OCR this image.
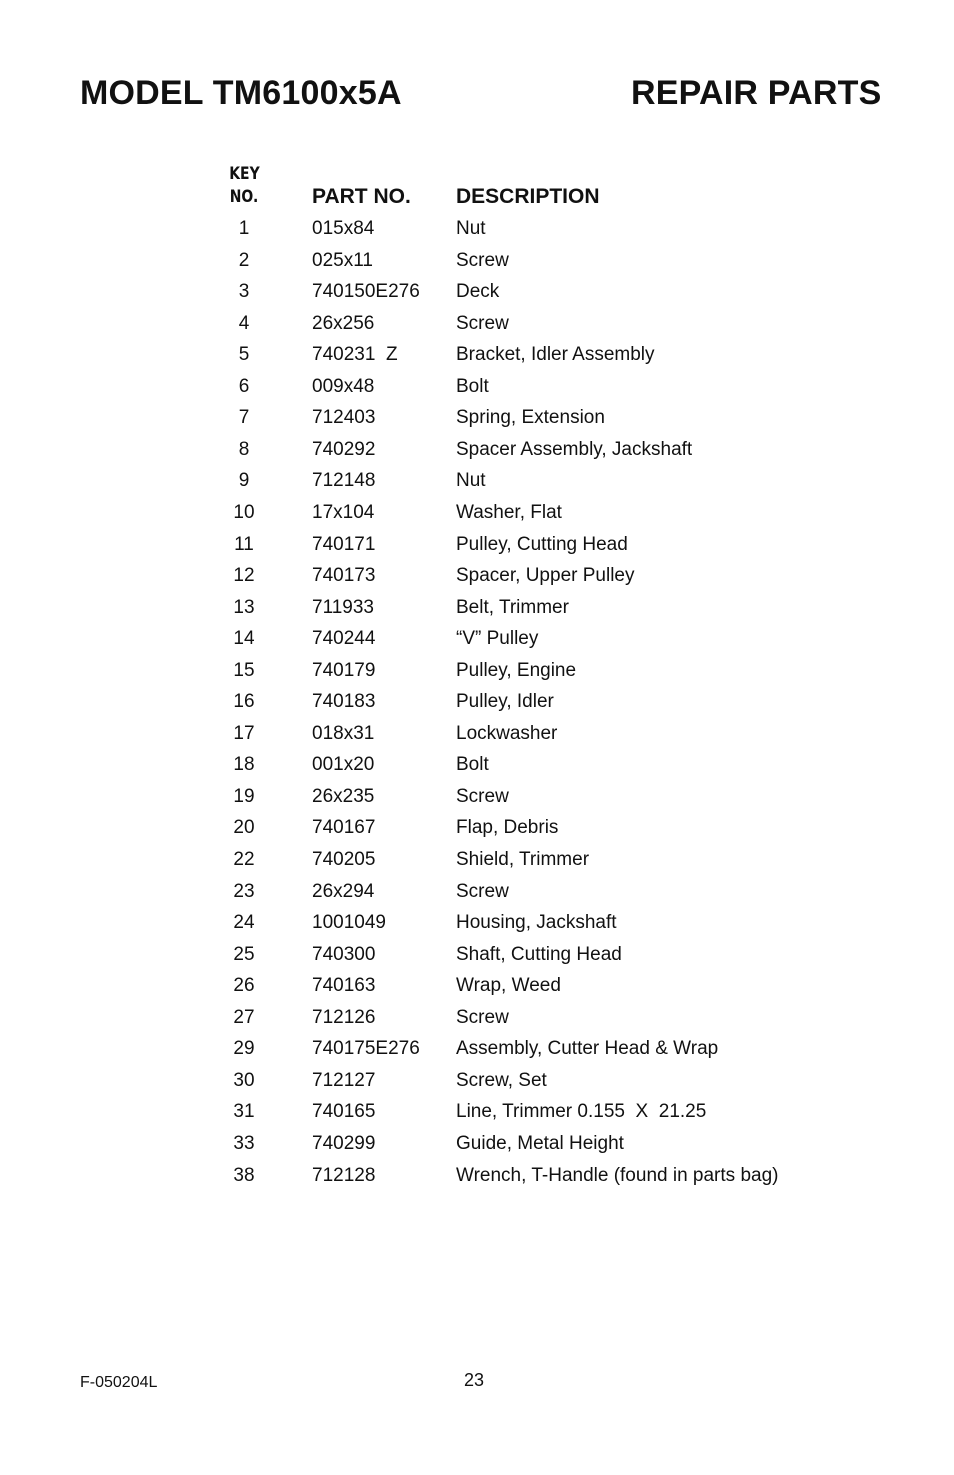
MODEL TM6100x5A	REPAIR PARTS
KEY
NO.	PART NO. DESCRIPTION
1	015x84	Nut
2	025x11	Screw
3	740150E276 Deck
4	26x256	Screw
5	740231  Z	Bracket, Idler Assembly
6	009x48	Bolt
7	712403	Spring, Extension
8	740292	Spacer Assembly, Jackshaft
9	712148	Nut
10	17x104	Washer, Flat
11	740171	Pulley, Cutting Head
12	740173	Spacer, Upper Pulley
13	711933	Belt, Trimmer
14	740244	“V” Pulley
15	740179	Pulley, Engine
16	740183	Pulley, Idler
17	018x31	Lockwasher
18	001x20	Bolt
19	26x235	Screw
20	740167	Flap, Debris
22	740205	Shield, Trimmer
23	26x294	Screw
24	1001049	Housing, Jackshaft
25	740300	Shaft, Cutting Head
26	740163	Wrap, Weed
27	712126	Screw
29	740175E276 Assembly, Cutter Head & Wrap
30	712127	Screw, Set
31	740165	Line, Trimmer 0.155  X  21.25
33	740299	Guide, Metal Height
38	712128	Wrench, T-Handle (found in parts bag)
F-050204L	23
